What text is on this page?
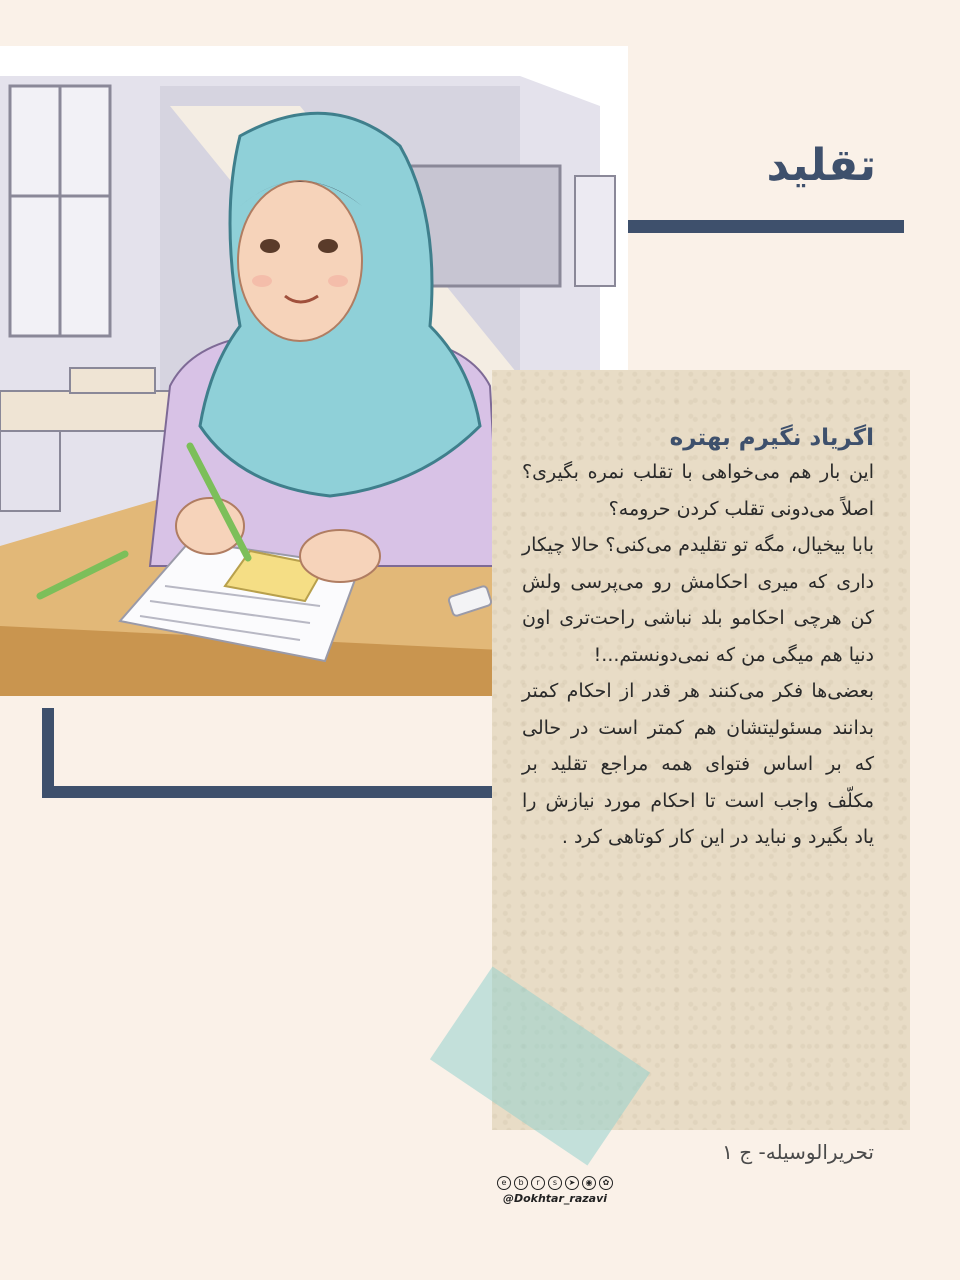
تقلید

اگریاد نگیرم بهتره

این بار هم می‌خواهی با تقلب نمره بگیری؟ اصلاً می‌دونی تقلب کردن حرومه؟

بابا بیخیال، مگه تو تقلیدم می‌کنی؟ حالا چیکار داری که میری احکامش رو می‌پرسی ولش کن هرچی احکامو بلد نباشی راحت‌تری اون دنیا هم میگی من که نمی‌دونستم...!

بعضی‌ها فکر می‌کنند هر قدر از احکام کمتر بدانند مسئولیتشان هم کمتر است در حالی که بر اساس فتوای همه مراجع تقلید بر مکلّف واجب است تا احکام مورد نیازش را یاد بگیرد و نباید در این کار کوتاهی کرد .

تحریرالوسیله- ج ۱
e	b	r	s	➤	◉	✿
@Dokhtar_razavi
